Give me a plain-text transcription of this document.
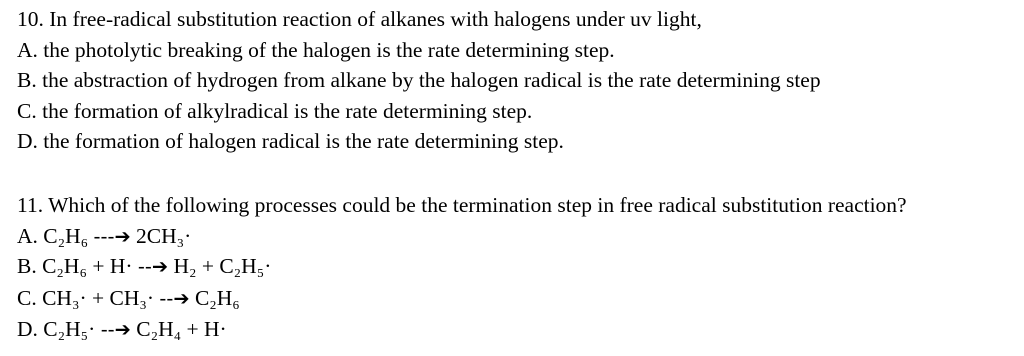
10. In free-radical substitution reaction of alkanes with halogens under uv light,
A. the photolytic breaking of the halogen is the rate determining step.
B. the abstraction of hydrogen from alkane by the halogen radical is the rate determining step
C. the formation of alkylradical is the rate determining step.
D. the formation of halogen radical is the rate determining step.
11. Which of the following processes could be the termination step in free radical substitution reaction?
A. C₂H₆ ---➔ 2CH₃·
B. C₂H₆ + H· --➔ H₂ + C₂H₅·
C. CH₃· + CH₃· --➔ C₂H₆
D. C₂H₅· --➔ C₂H₄ + H·
